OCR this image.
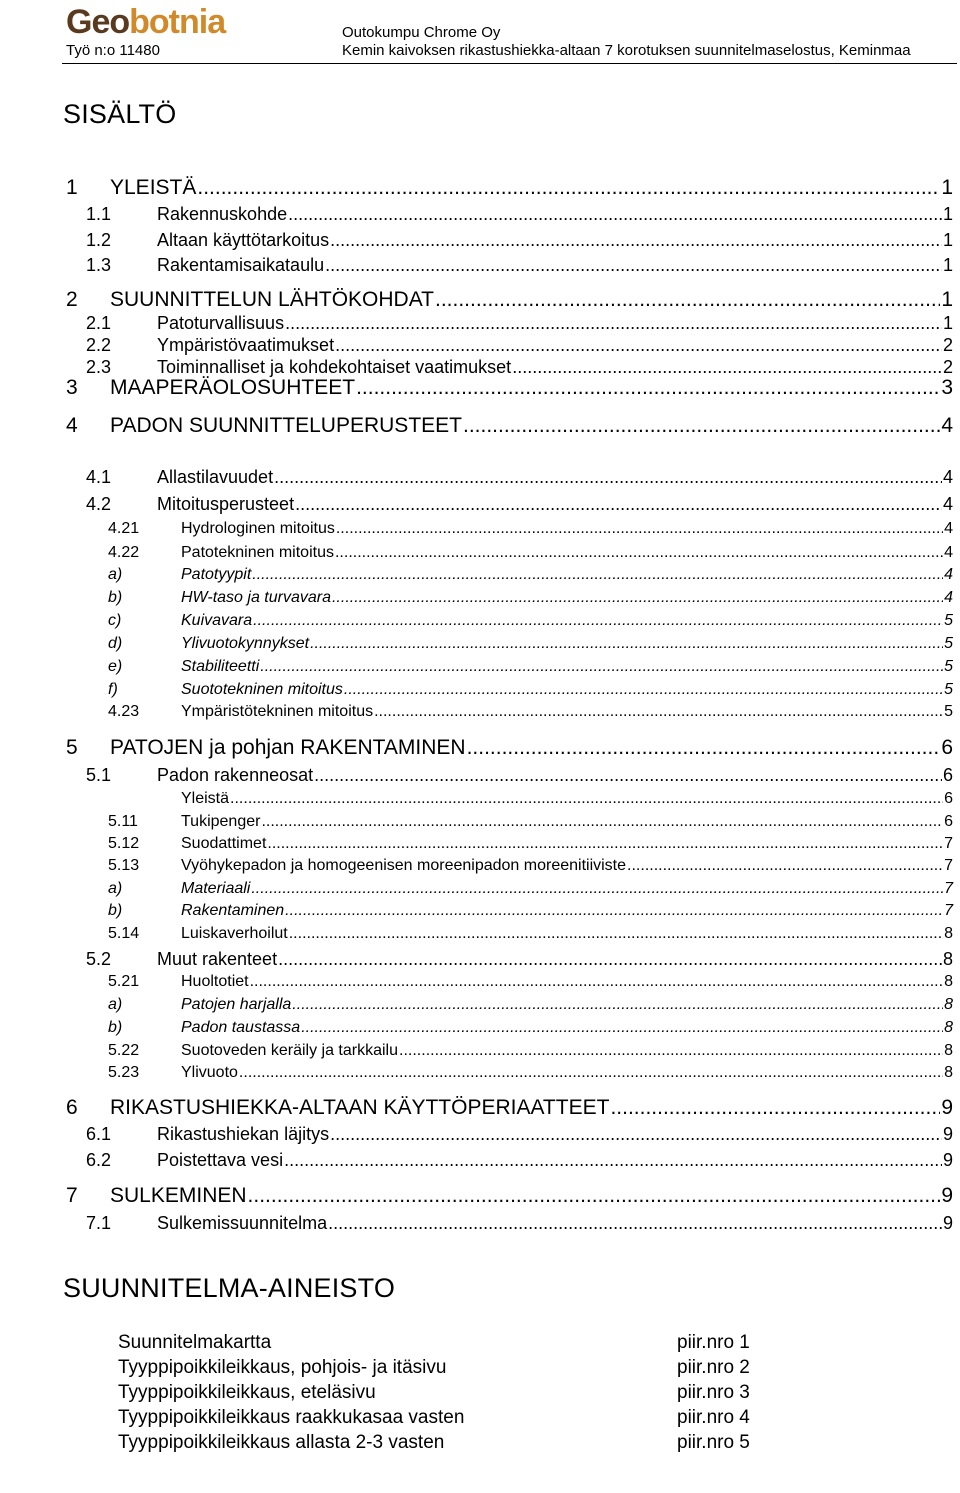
Geobotnia
Työ n:o 11480
Outokumpu Chrome Oy
Kemin kaivoksen rikastushiekka-altaan 7 korotuksen suunnitelmaselostus, Keminmaa
SISÄLTÖ
1	YLEISTÄ .....	1
1.1	Rakennuskohde .....	1
1.2	Altaan käyttötarkoitus .....	1
1.3	Rakentamisaikataulu .....	1
2	SUUNNITTELUN LÄHTÖKOHDAT .....	1
2.1	Patoturvallisuus .....	1
2.2	Ympäristövaatimukset .....	2
2.3	Toiminnalliset ja kohdekohtaiset vaatimukset .....	2
3	MAAPERÄOLOSUHTEET .....	3
4	PADON SUUNNITTELUPERUSTEET .....	4
4.1	Allastilavuudet .....	4
4.2	Mitoitusperusteet .....	4
4.21	Hydrologinen mitoitus .....	4
4.22	Patotekninen mitoitus .....	4
a)	Patotyypit .....	4
b)	HW-taso ja turvavara .....	4
c)	Kuivavara .....	5
d)	Ylivuotokynnykset .....	5
e)	Stabiliteetti .....	5
f)	Suototekninen mitoitus .....	5
4.23	Ympäristötekninen mitoitus .....	5
5	PATOJEN ja pohjan RAKENTAMINEN .....	6
5.1	Padon rakenneosat .....	6
Yleistä .....	6
5.11	Tukipenger .....	6
5.12	Suodattimet .....	7
5.13	Vyöhykepadon ja homogeenisen moreenipadon moreenitiiviste .....	7
a)	Materiaali .....	7
b)	Rakentaminen .....	7
5.14	Luiskaverhoilut .....	8
5.2	Muut rakenteet .....	8
5.21	Huoltotiet .....	8
a)	Patojen harjalla .....	8
b)	Padon taustassa .....	8
5.22	Suotoveden keräily ja tarkkailu .....	8
5.23	Ylivuoto .....	8
6	RIKASTUSHIEKKA-ALTAAN KÄYTTÖPERIAATTEET .....	9
6.1	Rikastushiekan läjitys .....	9
6.2	Poistettava vesi .....	9
7	SULKEMINEN .....	9
7.1	Sulkemissuunnitelma .....	9
SUUNNITELMA-AINEISTO
Suunnitelmakartta	piir.nro 1
Tyyppipoikkileikkaus, pohjois- ja itäsivu	piir.nro 2
Tyyppipoikkileikkaus, eteläsivu	piir.nro 3
Tyyppipoikkileikkaus raakkukasaa vasten	piir.nro 4
Tyyppipoikkileikkaus allasta 2-3 vasten	piir.nro 5
